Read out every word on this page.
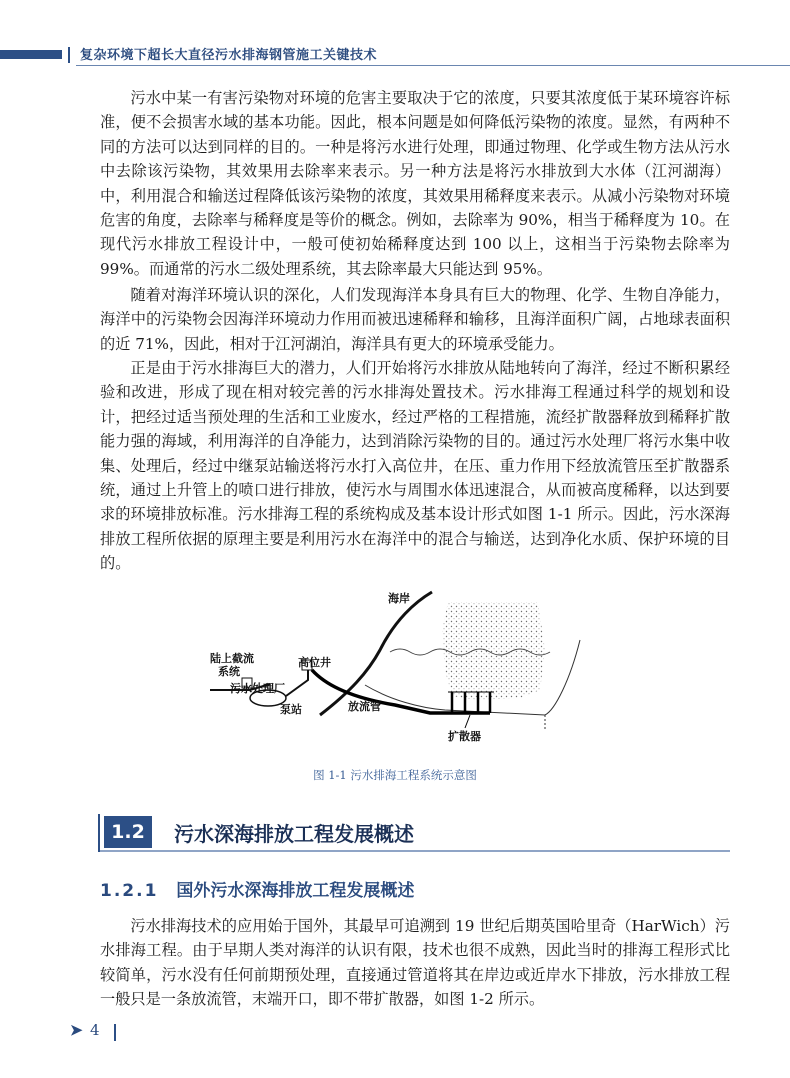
复杂环境下超长大直径污水排海钢管施工关键技术

污水中某一有害污染物对环境的危害主要取决于它的浓度，只要其浓度低于某环境容许标准，便不会损害水域的基本功能。因此，根本问题是如何降低污染物的浓度。显然，有两种不同的方法可以达到同样的目的。一种是将污水进行处理，即通过物理、化学或生物方法从污水中去除该污染物，其效果用去除率来表示。另一种方法是将污水排放到大水体（江河湖海）中，利用混合和输送过程降低该污染物的浓度，其效果用稀释度来表示。从减小污染物对环境危害的角度，去除率与稀释度是等价的概念。例如，去除率为 90%，相当于稀释度为 10。在现代污水排放工程设计中，一般可使初始稀释度达到 100 以上，这相当于污染物去除率为 99%。而通常的污水二级处理系统，其去除率最大只能达到 95%。

随着对海洋环境认识的深化，人们发现海洋本身具有巨大的物理、化学、生物自净能力，海洋中的污染物会因海洋环境动力作用而被迅速稀释和输移，且海洋面积广阔，占地球表面积的近 71%，因此，相对于江河湖泊，海洋具有更大的环境承受能力。

正是由于污水排海巨大的潜力，人们开始将污水排放从陆地转向了海洋，经过不断积累经验和改进，形成了现在相对较完善的污水排海处置技术。污水排海工程通过科学的规划和设计，把经过适当预处理的生活和工业废水，经过严格的工程措施，流经扩散器释放到稀释扩散能力强的海域，利用海洋的自净能力，达到消除污染物的目的。通过污水处理厂将污水集中收集、处理后，经过中继泵站输送将污水打入高位井，在压、重力作用下经放流管压至扩散器系统，通过上升管上的喷口进行排放，使污水与周围水体迅速混合，从而被高度稀释，以达到要求的环境排放标准。污水排海工程的系统构成及基本设计形式如图 1-1 所示。因此，污水深海排放工程所依据的原理主要是利用污水在海洋中的混合与输送，达到净化水质、保护环境的目的。

海岸
陆上截流
系统
高位井
污水处理厂
泵站	放流管
扩散器
图 1-1 污水排海工程系统示意图
1.2	污水深海排放工程发展概述
1.2.1 国外污水深海排放工程发展概述

污水排海技术的应用始于国外，其最早可追溯到 19 世纪后期英国哈里奇（HarWich）污水排海工程。由于早期人类对海洋的认识有限，技术也很不成熟，因此当时的排海工程形式比较简单，污水没有任何前期预处理，直接通过管道将其在岸边或近岸水下排放，污水排放工程一般只是一条放流管，末端开口，即不带扩散器，如图 1-2 所示。

➤ 4
